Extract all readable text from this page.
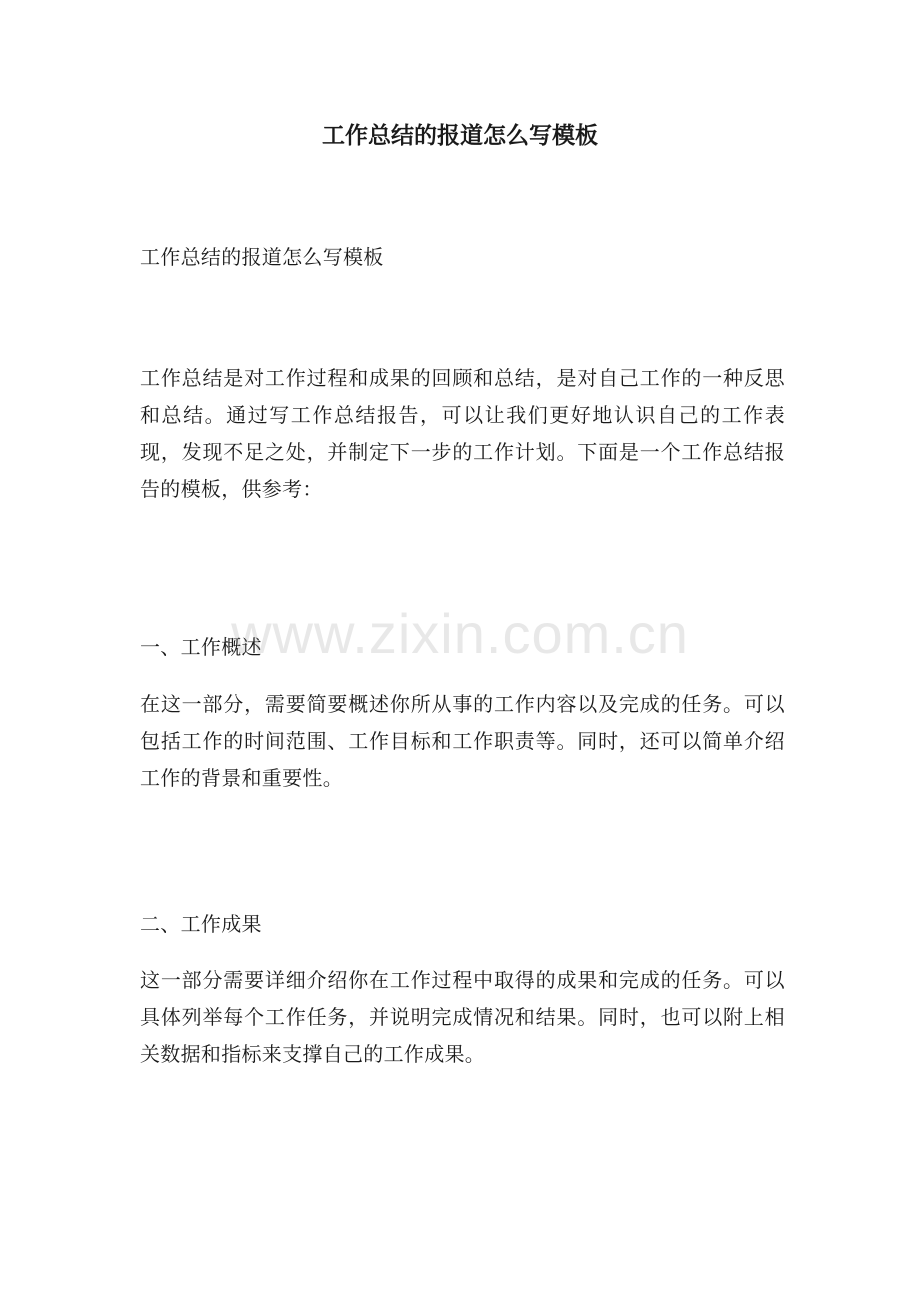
工作总结的报道怎么写模板

工作总结的报道怎么写模板

工作总结是对工作过程和成果的回顾和总结，是对自己工作的一种反思和总结。通过写工作总结报告，可以让我们更好地认识自己的工作表现，发现不足之处，并制定下一步的工作计划。下面是一个工作总结报告的模板，供参考：

一、工作概述

在这一部分，需要简要概述你所从事的工作内容以及完成的任务。可以包括工作的时间范围、工作目标和工作职责等。同时，还可以简单介绍工作的背景和重要性。

二、工作成果

这一部分需要详细介绍你在工作过程中取得的成果和完成的任务。可以具体列举每个工作任务，并说明完成情况和结果。同时，也可以附上相关数据和指标来支撑自己的工作成果。

www.zixin.com.cn
